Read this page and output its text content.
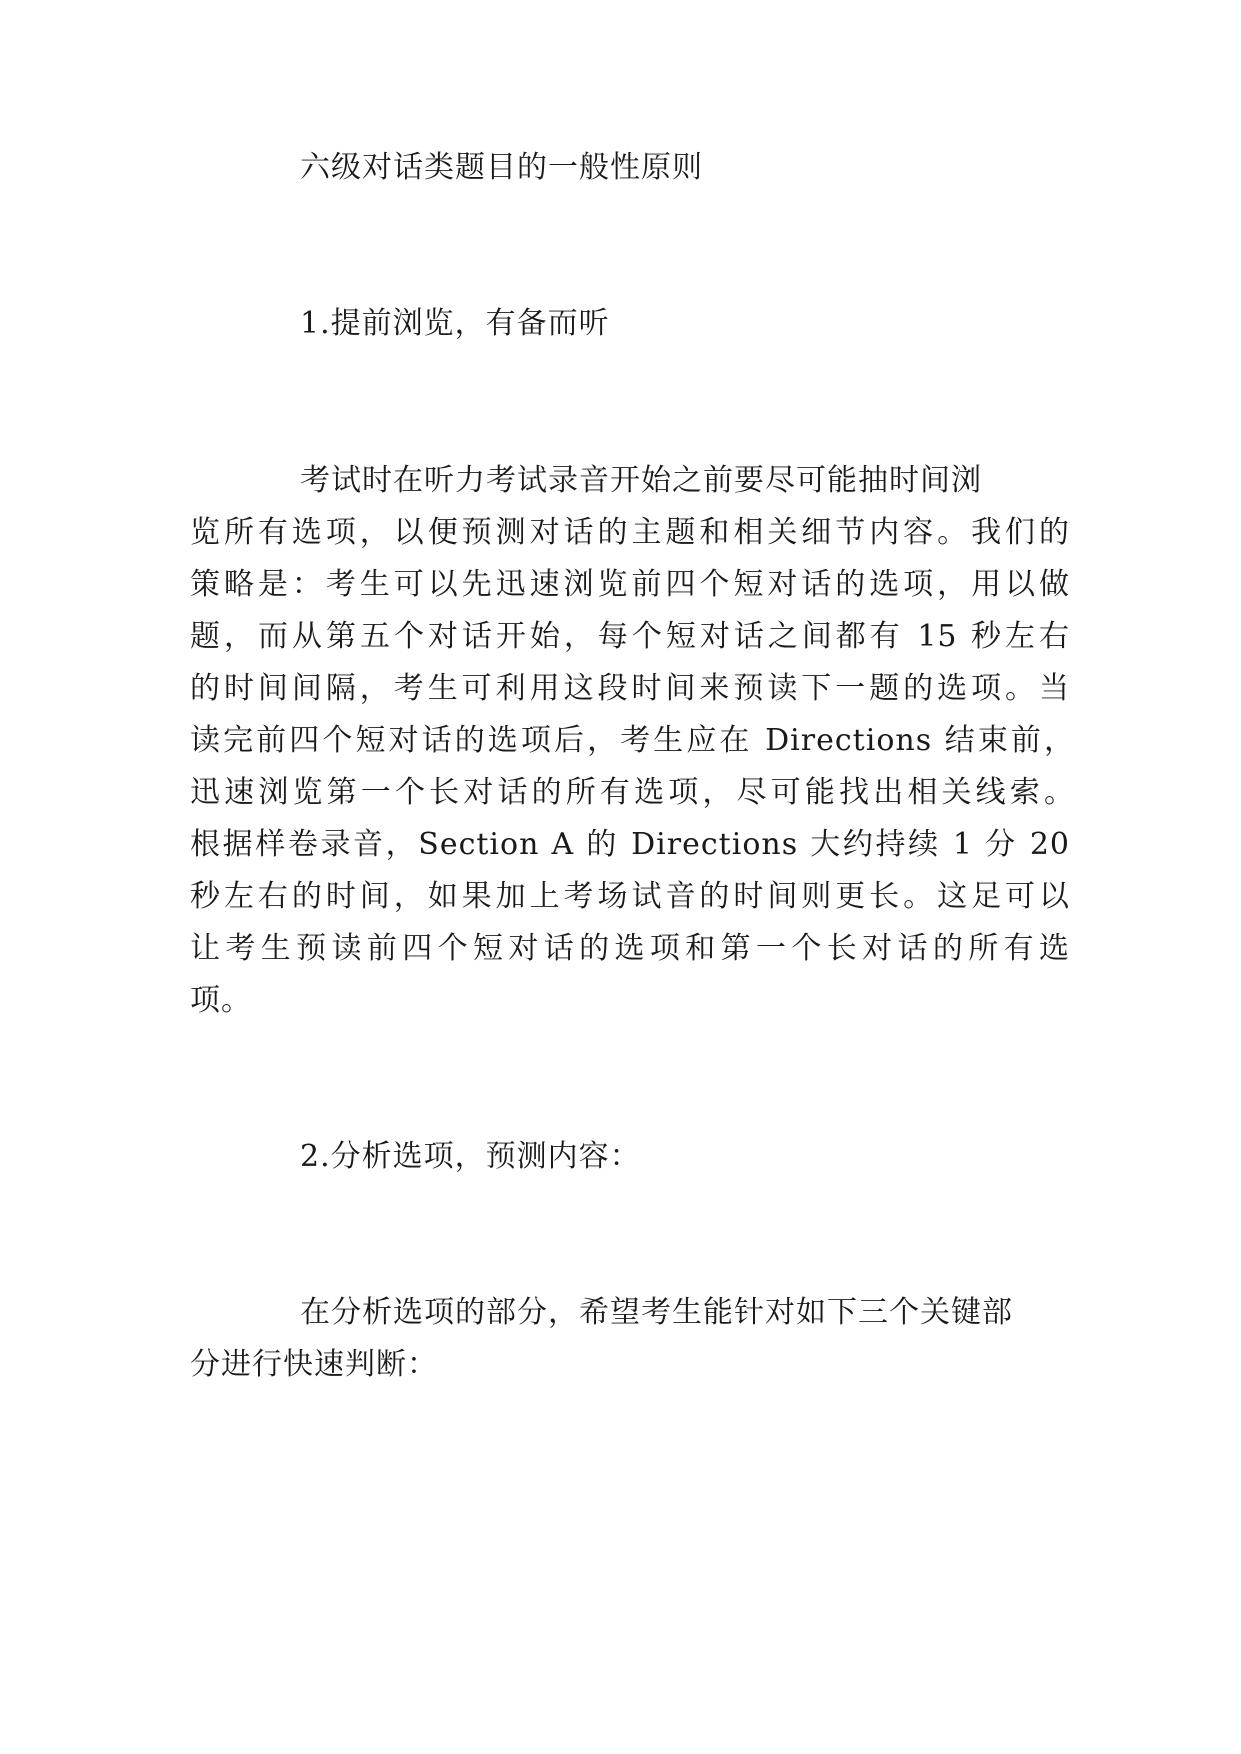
六级对话类题目的一般性原则
1.提前浏览，有备而听
考试时在听力考试录音开始之前要尽可能抽时间浏
览所有选项，以便预测对话的主题和相关细节内容。我们的
策略是：考生可以先迅速浏览前四个短对话的选项，用以做
题，而从第五个对话开始，每个短对话之间都有 15 秒左右
的时间间隔，考生可利用这段时间来预读下一题的选项。当
读完前四个短对话的选项后，考生应在 Directions 结束前，
迅速浏览第一个长对话的所有选项，尽可能找出相关线索。
根据样卷录音，Section A 的 Directions 大约持续 1 分 20
秒左右的时间，如果加上考场试音的时间则更长。这足可以
让考生预读前四个短对话的选项和第一个长对话的所有选
项。
2.分析选项，预测内容：
在分析选项的部分，希望考生能针对如下三个关键部
分进行快速判断：
